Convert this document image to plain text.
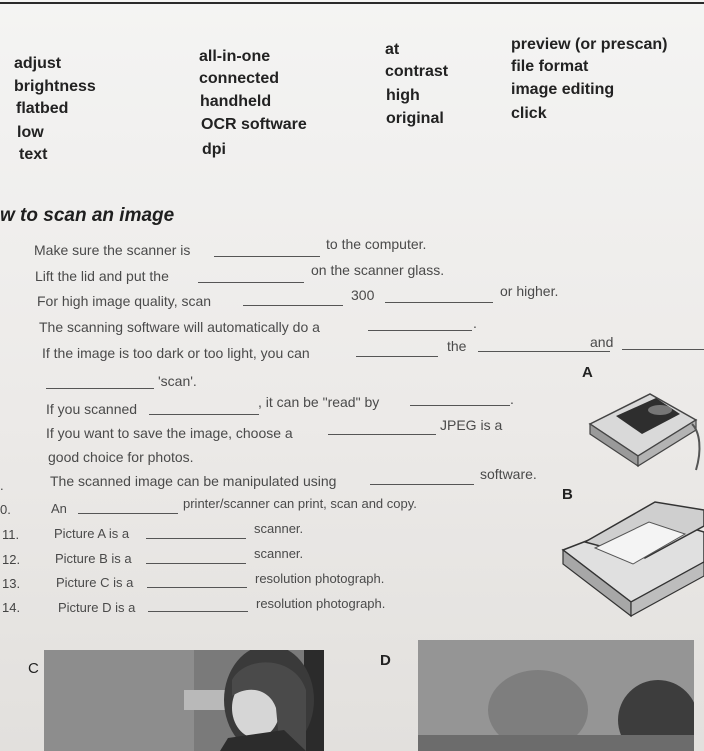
adjust
brightness
flatbed
low
text
all-in-one
connected
handheld
OCR software
dpi
at
contrast
high
original
preview (or prescan)
file format
image editing
click
w to scan an image
.
0.
11.
12.
13.
14.
Make sure the scanner is	to the computer.
Lift the lid and put the	on the scanner glass.
For high image quality, scan	300	or higher.
The scanning software will automatically do a	.
If the image is too dark or too light, you can	the	and
'scan'.
If you scanned	, it can be "read" by	.
If you want to save the image, choose a	JPEG is a
good choice for photos.
The scanned image can be manipulated using	software.
An	printer/scanner can print, scan and copy.
Picture A is a	scanner.
Picture B is a	scanner.
Picture C is a	resolution photograph.
Picture D is a	resolution photograph.
A
B
C	D
